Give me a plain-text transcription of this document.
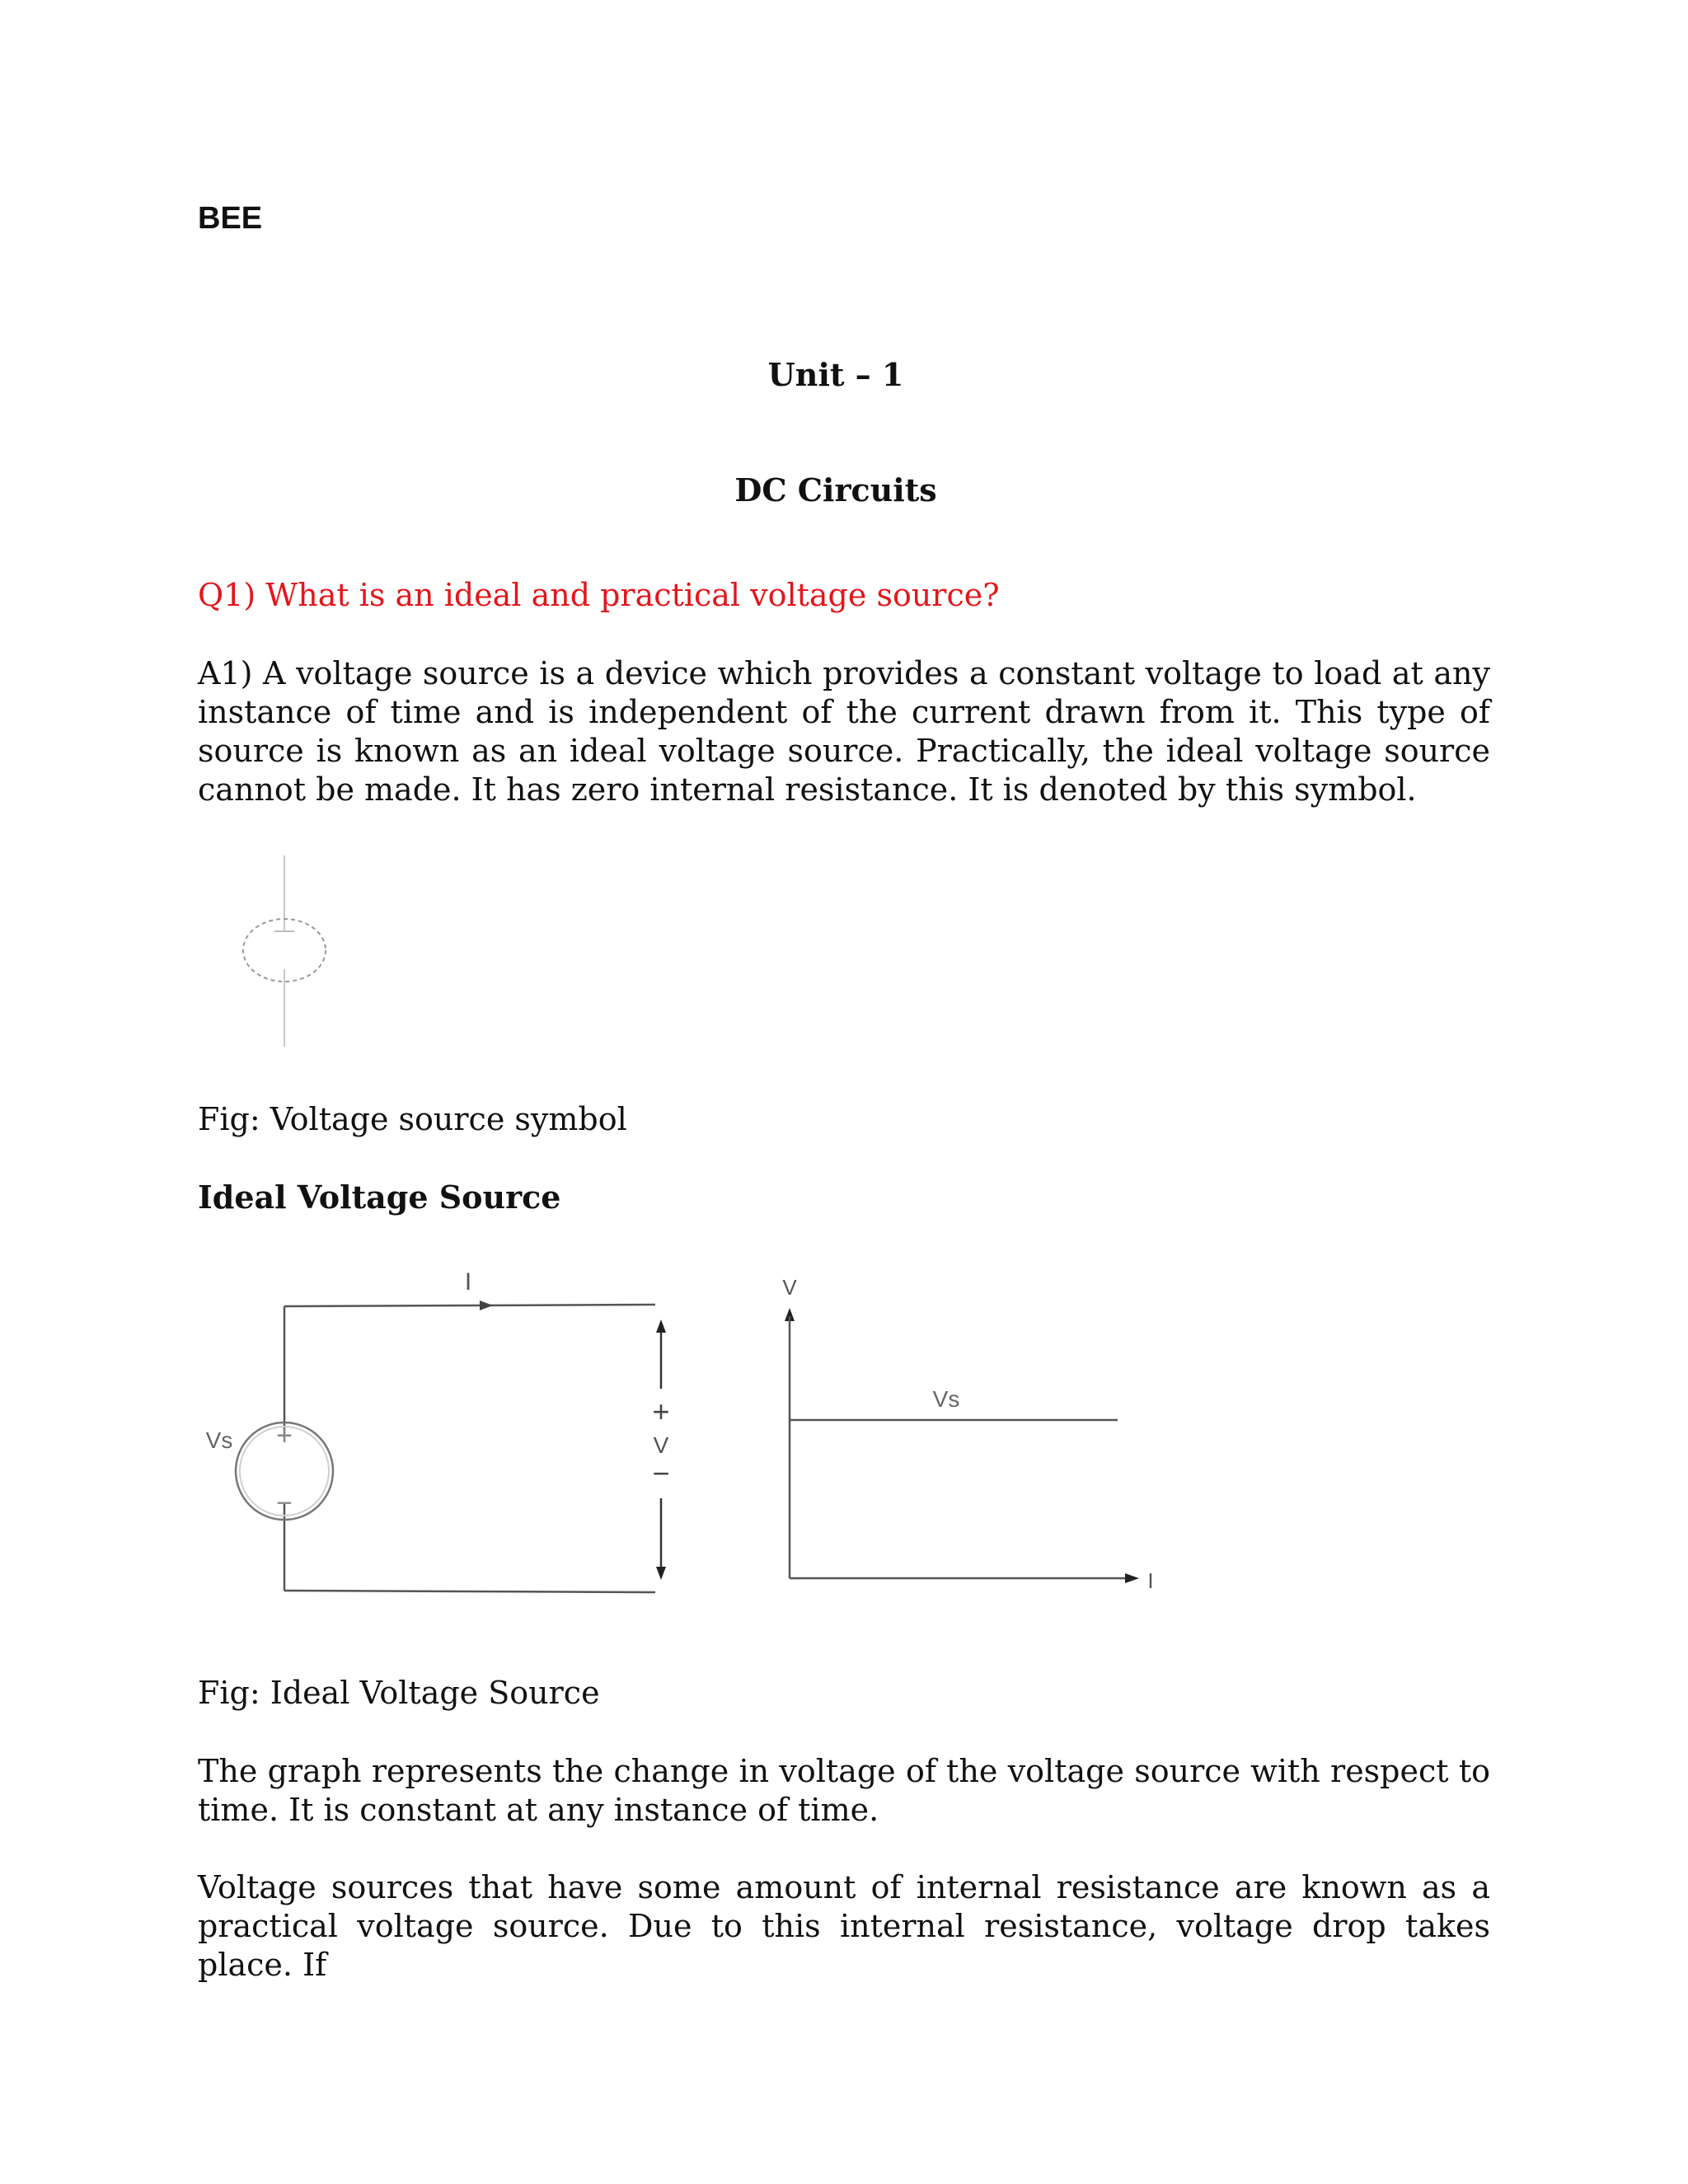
BEE
Unit – 1
DC Circuits
Q1) What is an ideal and practical voltage source?
A1) A voltage source is a device which provides a constant voltage to load at any instance of time and is independent of the current drawn from it. This type of source is known as an ideal voltage source. Practically, the ideal voltage source cannot be made. It has zero internal resistance. It is denoted by this symbol.
Fig: Voltage source symbol
Ideal Voltage Source
I
+
−
Vs
+
V
−
V
I
Vs
Fig: Ideal Voltage Source
The graph represents the change in voltage of the voltage source with respect to time. It is constant at any instance of time.
Voltage sources that have some amount of internal resistance are known as a practical voltage source. Due to this internal resistance, voltage drop takes place. If
